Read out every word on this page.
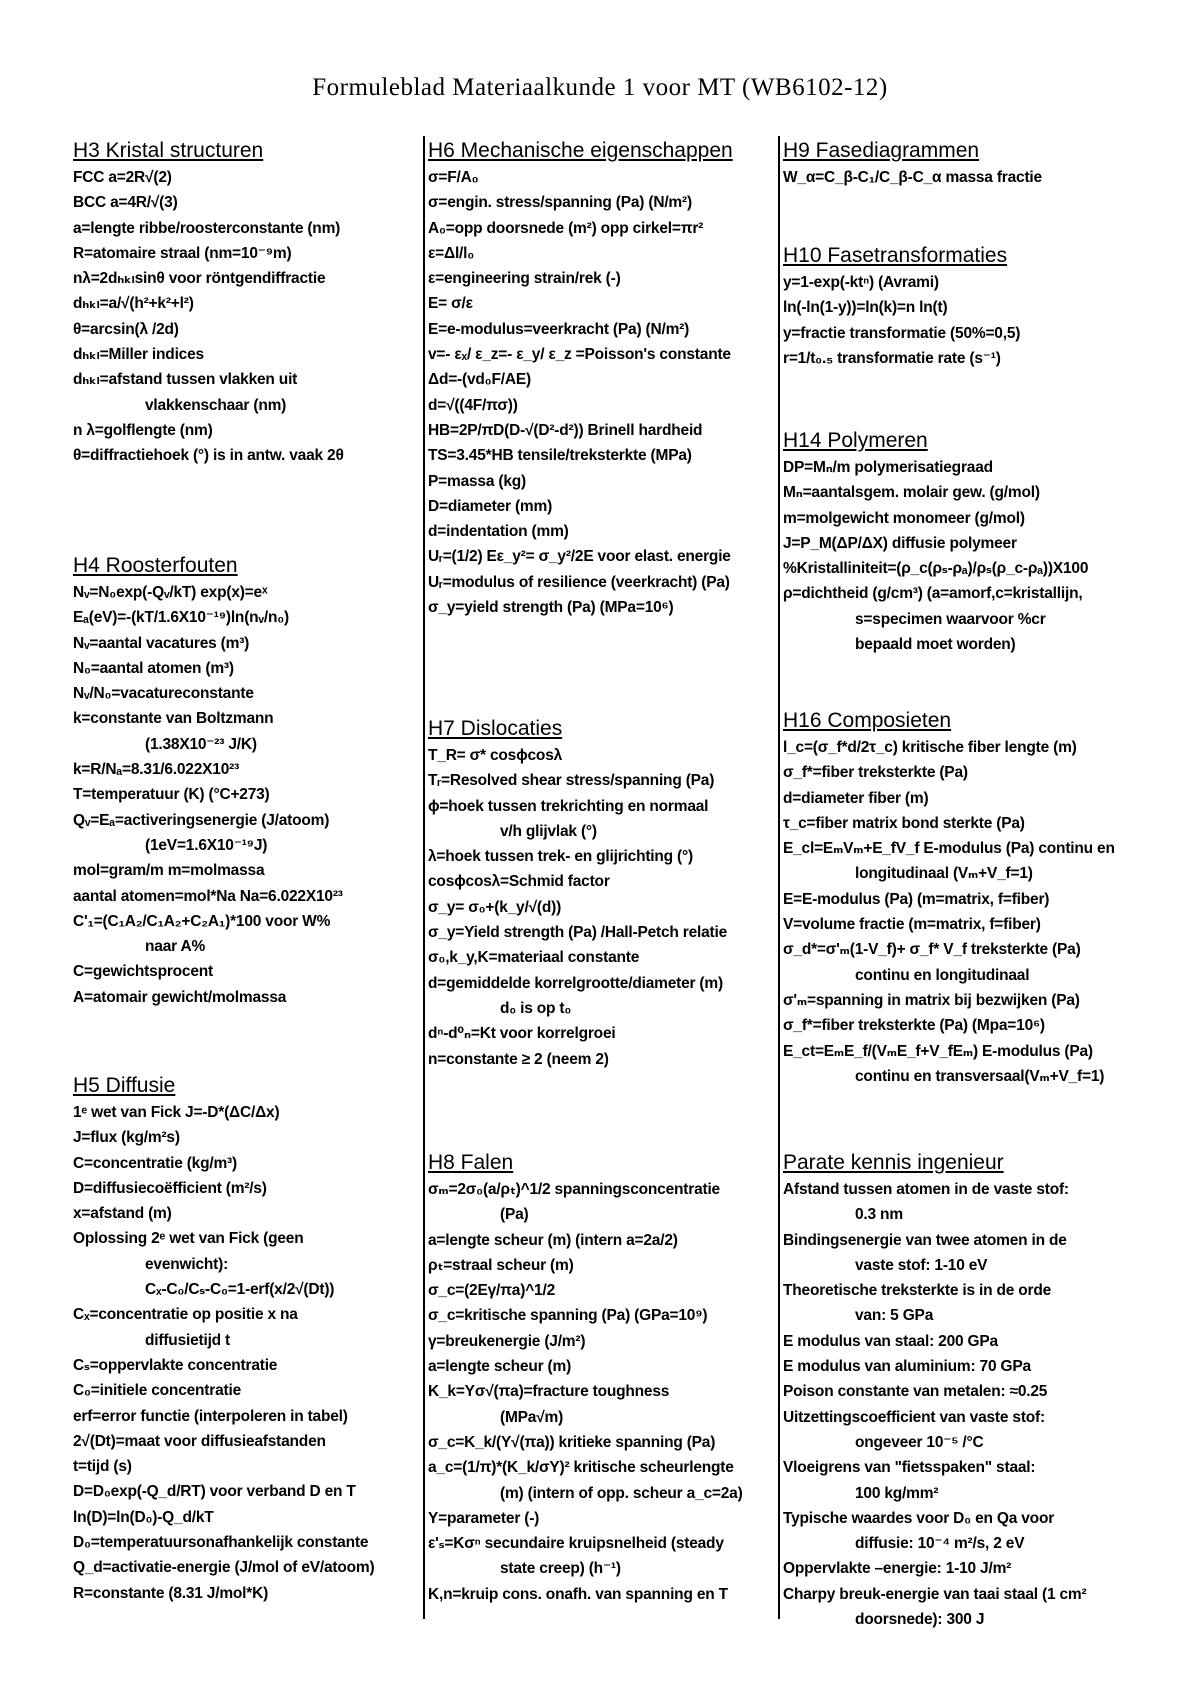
Formuleblad Materiaalkunde 1 voor MT (WB6102-12)
H3 Kristal structuren
FCC a=2R√(2)
BCC a=4R/√(3)
a=lengte ribbe/roosterconstante (nm)
R=atomaire straal (nm=10⁻⁹m)
nλ=2dₕₖₗsinθ voor röntgendiffractie
dₕₖₗ=a/√(h²+k²+l²)
θ=arcsin(λ /2d)
dₕₖₗ=Miller indices
dₕₖₗ=afstand tussen vlakken uit
vlakkenschaar (nm)
n λ=golflengte (nm)
θ=diffractiehoek (°) is in antw. vaak 2θ
H4 Roosterfouten
Nᵥ=N₀exp(-Qᵥ/kT) exp(x)=eˣ
Eₐ(eV)=-(kT/1.6X10⁻¹⁹)ln(nᵥ/n₀)
Nᵥ=aantal vacatures (m³)
N₀=aantal atomen (m³)
Nᵥ/N₀=vacatureconstante
k=constante van Boltzmann
(1.38X10⁻²³ J/K)
k=R/Nₐ=8.31/6.022X10²³
T=temperatuur (K) (°C+273)
Qᵥ=Eₐ=activeringsenergie (J/atoom)
(1eV=1.6X10⁻¹⁹J)
mol=gram/m m=molmassa
aantal atomen=mol*Na Na=6.022X10²³
C'₁=(C₁A₂/C₁A₂+C₂A₁)*100 voor W%
naar A%
C=gewichtsprocent
A=atomair gewicht/molmassa
H5 Diffusie
1ᵉ wet van Fick J=-D*(ΔC/Δx)
J=flux (kg/m²s)
C=concentratie (kg/m³)
D=diffusiecoëfficient (m²/s)
x=afstand (m)
Oplossing 2ᵉ wet van Fick (geen
evenwicht):
Cₓ-C₀/Cₛ-C₀=1-erf(x/2√(Dt))
Cₓ=concentratie op positie x na
diffusietijd t
Cₛ=oppervlakte concentratie
C₀=initiele concentratie
erf=error functie (interpoleren in tabel)
2√(Dt)=maat voor diffusieafstanden
t=tijd (s)
D=D₀exp(-Q_d/RT) voor verband D en T
ln(D)=ln(D₀)-Q_d/kT
D₀=temperatuursonafhankelijk constante
Q_d=activatie-energie (J/mol of eV/atoom)
R=constante (8.31 J/mol*K)
H6 Mechanische eigenschappen
σ=F/A₀
σ=engin. stress/spanning (Pa) (N/m²)
A₀=opp doorsnede (m²) opp cirkel=πr²
ε=Δl/l₀
ε=engineering strain/rek (-)
E= σ/ε
E=e-modulus=veerkracht (Pa) (N/m²)
v=- εₓ/ ε_z=- ε_y/ ε_z =Poisson's constante
Δd=-(vd₀F/AE)
d=√((4F/πσ))
HB=2P/πD(D-√(D²-d²)) Brinell hardheid
TS=3.45*HB tensile/treksterkte (MPa)
P=massa (kg)
D=diameter (mm)
d=indentation (mm)
Uᵣ=(1/2) Eε_y²= σ_y²/2E voor elast. energie
Uᵣ=modulus of resilience (veerkracht) (Pa)
σ_y=yield strength (Pa) (MPa=10⁶)
H7 Dislocaties
T_R= σ* cosɸcosλ
Tᵣ=Resolved shear stress/spanning (Pa)
ɸ=hoek tussen trekrichting en normaal
v/h glijvlak (°)
λ=hoek tussen trek- en glijrichting (°)
cosɸcosλ=Schmid factor
σ_y= σ₀+(k_y/√(d))
σ_y=Yield strength (Pa) /Hall-Petch relatie
σ₀,k_y,K=materiaal constante
d=gemiddelde korrelgrootte/diameter (m)
d₀ is op t₀
dⁿ-d⁰ₙ=Kt voor korrelgroei
n=constante ≥ 2 (neem 2)
H8 Falen
σₘ=2σ₀(a/ρₜ)^1/2 spanningsconcentratie
(Pa)
a=lengte scheur (m) (intern a=2a/2)
ρₜ=straal scheur (m)
σ_c=(2Eγ/πa)^1/2
σ_c=kritische spanning (Pa) (GPa=10⁹)
γ=breukenergie (J/m²)
a=lengte scheur (m)
K_k=Yσ√(πa)=fracture toughness
(MPa√m)
σ_c=K_k/(Y√(πa)) kritieke spanning (Pa)
a_c=(1/π)*(K_k/σY)² kritische scheurlengte
(m) (intern of opp. scheur a_c=2a)
Y=parameter (-)
ε'ₛ=Kσⁿ secundaire kruipsnelheid (steady
state creep) (h⁻¹)
K,n=kruip cons. onafh. van spanning en T
H9 Fasediagrammen
W_α=C_β-C₁/C_β-C_α massa fractie
H10 Fasetransformaties
y=1-exp(-ktⁿ) (Avrami)
ln(-ln(1-y))=ln(k)=n ln(t)
y=fractie transformatie (50%=0,5)
r=1/t₀.₅ transformatie rate (s⁻¹)
H14 Polymeren
DP=Mₙ/m polymerisatiegraad
Mₙ=aantalsgem. molair gew. (g/mol)
m=molgewicht monomeer (g/mol)
J=P_M(ΔP/ΔX) diffusie polymeer
%Kristalliniteit=(ρ_c(ρₛ-ρₐ)/ρₛ(ρ_c-ρₐ))X100
ρ=dichtheid (g/cm³) (a=amorf,c=kristallijn,
s=specimen waarvoor %cr
bepaald moet worden)
H16 Composieten
l_c=(σ_f*d/2τ_c) kritische fiber lengte (m)
σ_f*=fiber treksterkte (Pa)
d=diameter fiber (m)
τ_c=fiber matrix bond sterkte (Pa)
E_cl=EₘVₘ+E_fV_f E-modulus (Pa) continu en
longitudinaal (Vₘ+V_f=1)
E=E-modulus (Pa) (m=matrix, f=fiber)
V=volume fractie (m=matrix, f=fiber)
σ_d*=σ'ₘ(1-V_f)+ σ_f* V_f treksterkte (Pa)
continu en longitudinaal
σ'ₘ=spanning in matrix bij bezwijken (Pa)
σ_f*=fiber treksterkte (Pa) (Mpa=10⁶)
E_ct=EₘE_f/(VₘE_f+V_fEₘ) E-modulus (Pa)
continu en transversaal(Vₘ+V_f=1)
Parate kennis ingenieur
Afstand tussen atomen in de vaste stof:
0.3 nm
Bindingsenergie van twee atomen in de
vaste stof: 1-10 eV
Theoretische treksterkte is in de orde
van: 5 GPa
E modulus van staal: 200 GPa
E modulus van aluminium: 70 GPa
Poison constante van metalen: ≈0.25
Uitzettingscoefficient van vaste stof:
ongeveer 10⁻⁵ /°C
Vloeigrens van "fietsspaken" staal:
100 kg/mm²
Typische waardes voor D₀ en Qa voor
diffusie: 10⁻⁴ m²/s, 2 eV
Oppervlakte –energie: 1-10 J/m²
Charpy breuk-energie van taai staal (1 cm²
doorsnede): 300 J
